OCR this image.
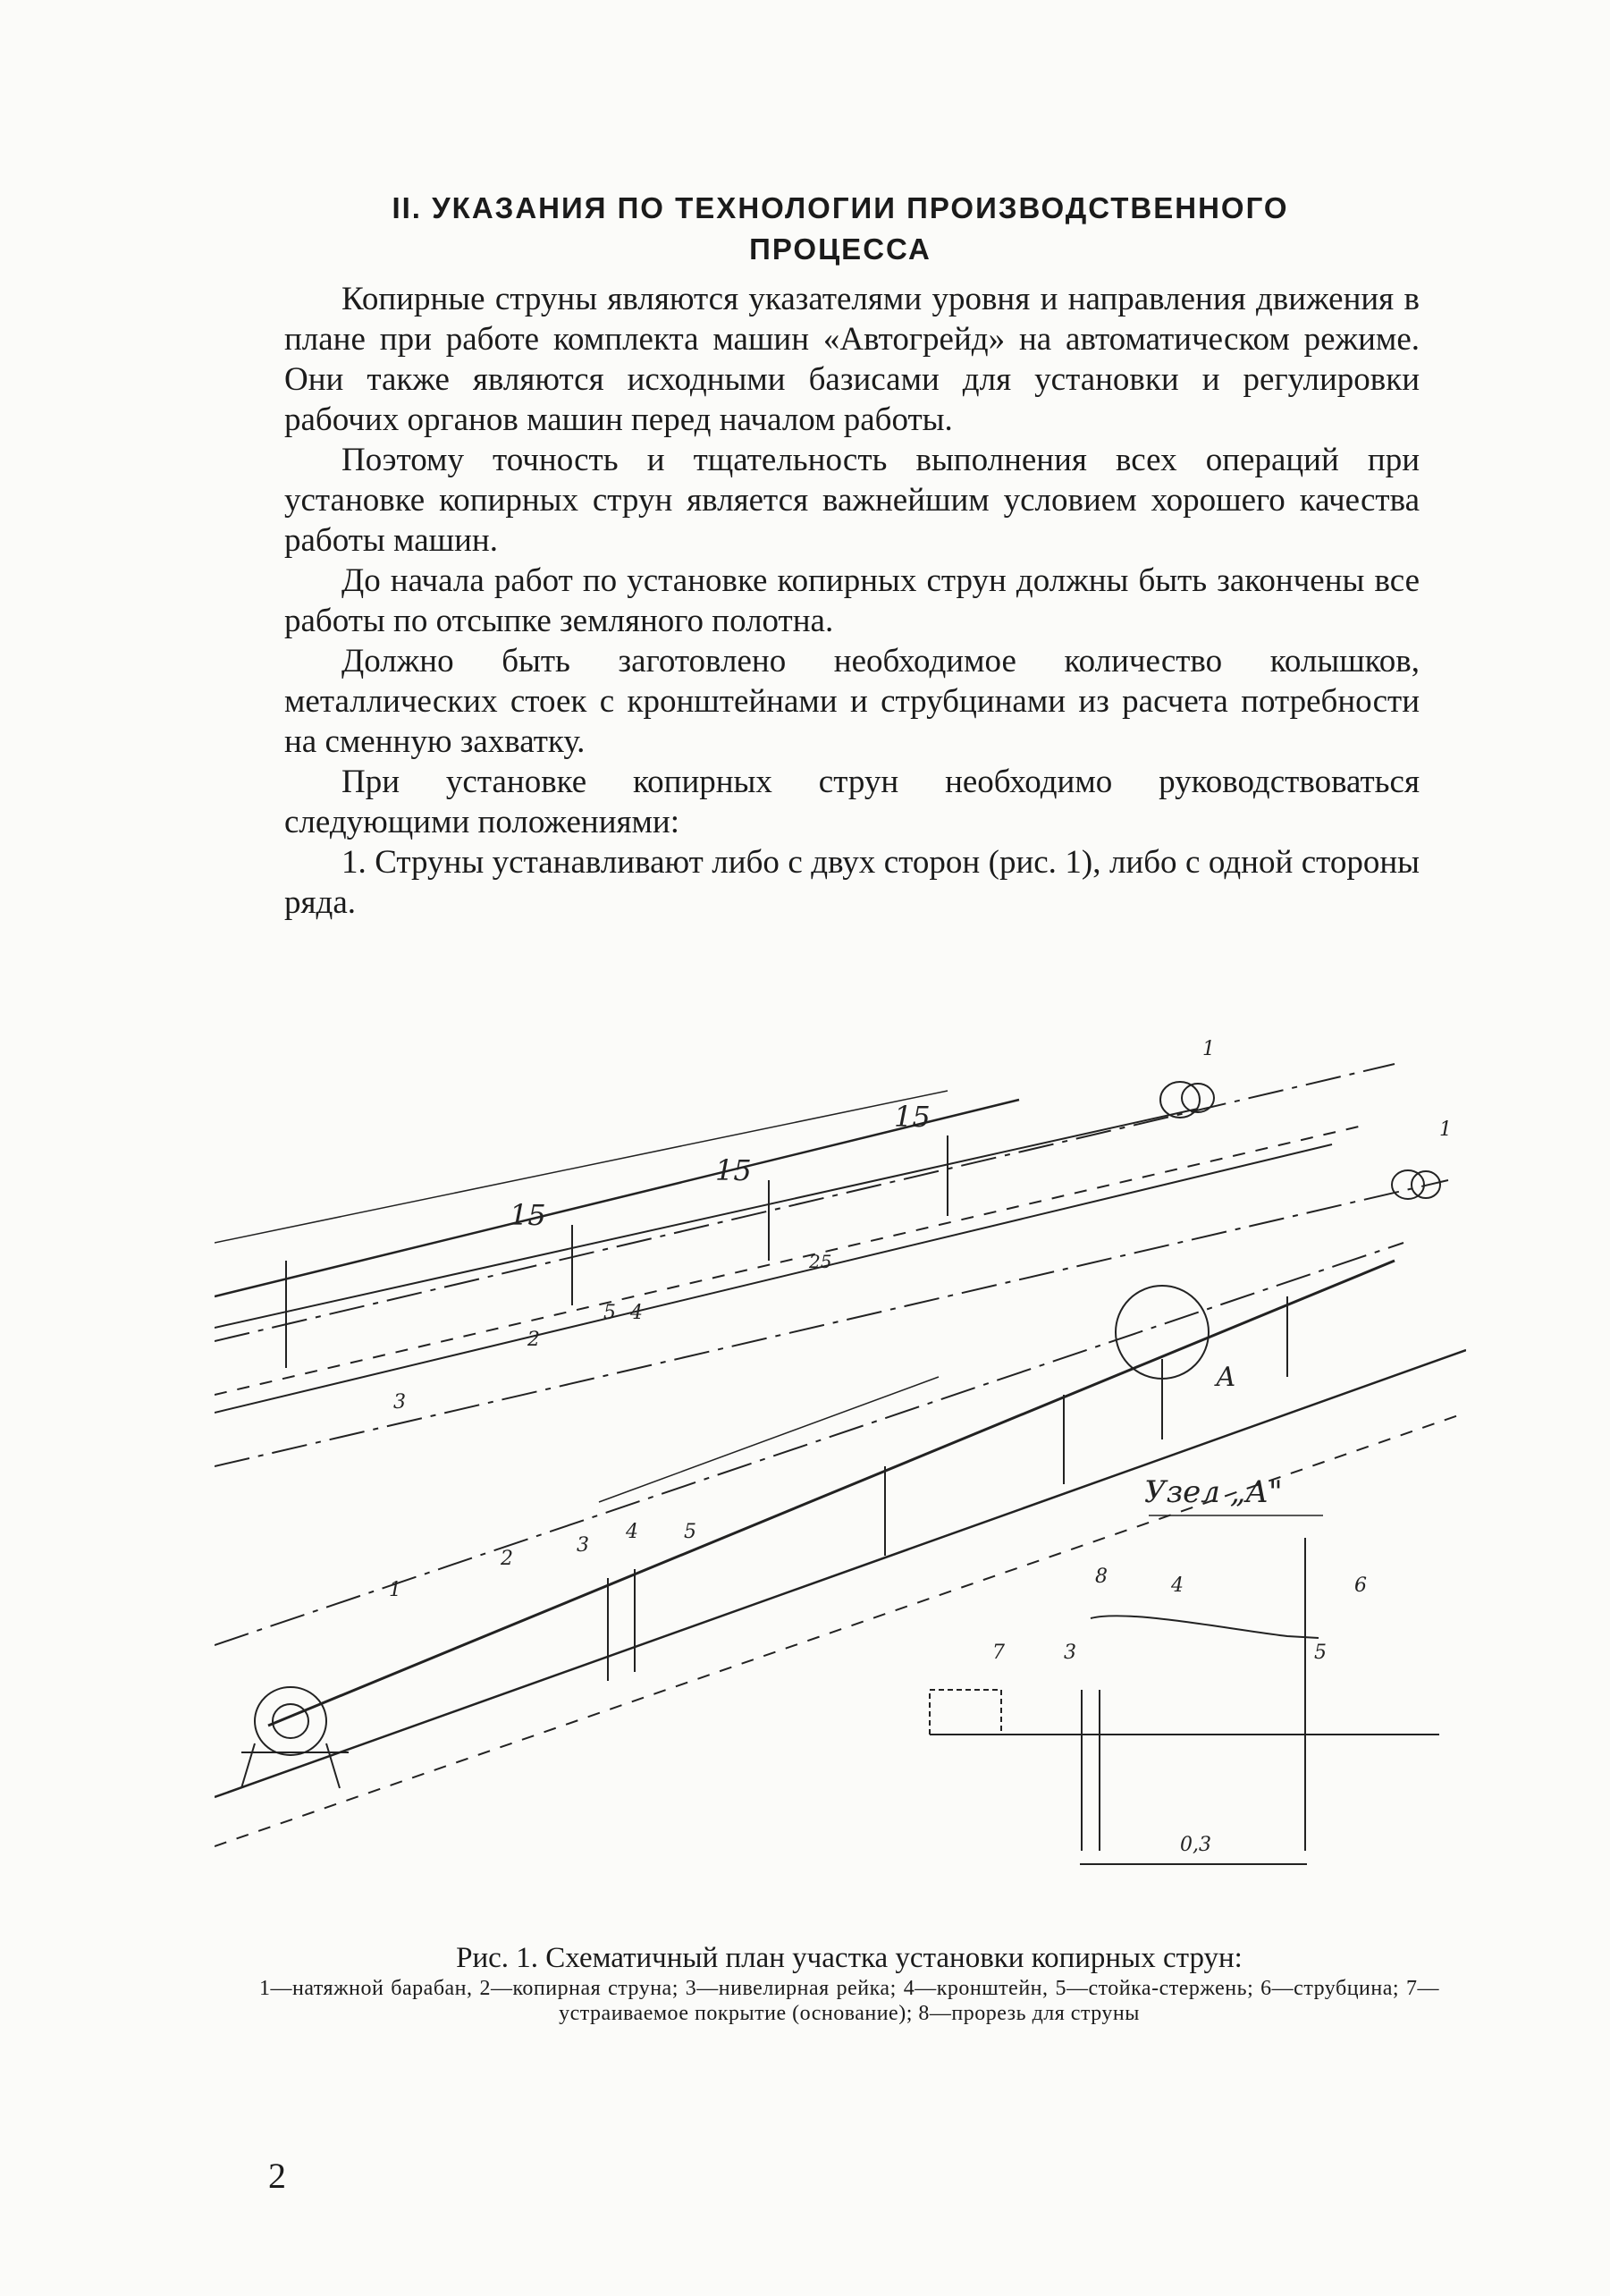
II. УКАЗАНИЯ ПО ТЕХНОЛОГИИ ПРОИЗВОДСТВЕННОГО
ПРОЦЕССА

Копирные струны являются указателями уровня и направления движения в плане при работе комплекта машин «Автогрейд» на автоматическом режиме. Они также являются исходными базисами для установки и регулировки рабочих органов машин перед началом работы.

Поэтому точность и тщательность выполнения всех операций при установке копирных струн является важнейшим условием хорошего качества работы машин.

До начала работ по установке копирных струн должны быть закончены все работы по отсыпке земляного полотна.

Должно быть заготовлено необходимое количество колышков, металлических стоек с кронштейнами и струбцинами из расчета потребности на сменную захватку.

При установке копирных струн необходимо руководствоваться следующими положениями:

1. Струны устанавливают либо с двух сторон (рис. 1), либо с одной стороны ряда.

15
15
15
25
1
1
1
2
2
3
3
4
4
5
5
А
Узел „А"
8	4	6
7	3	5
0,3
Рис. 1. Схематичный план участка установки копирных струн:
1—натяжной барабан, 2—копирная струна; 3—нивелирная рейка; 4—кронштейн, 5—стойка-стержень; 6—струбцина; 7—устраиваемое покрытие (основание); 8—прорезь для струны
2
